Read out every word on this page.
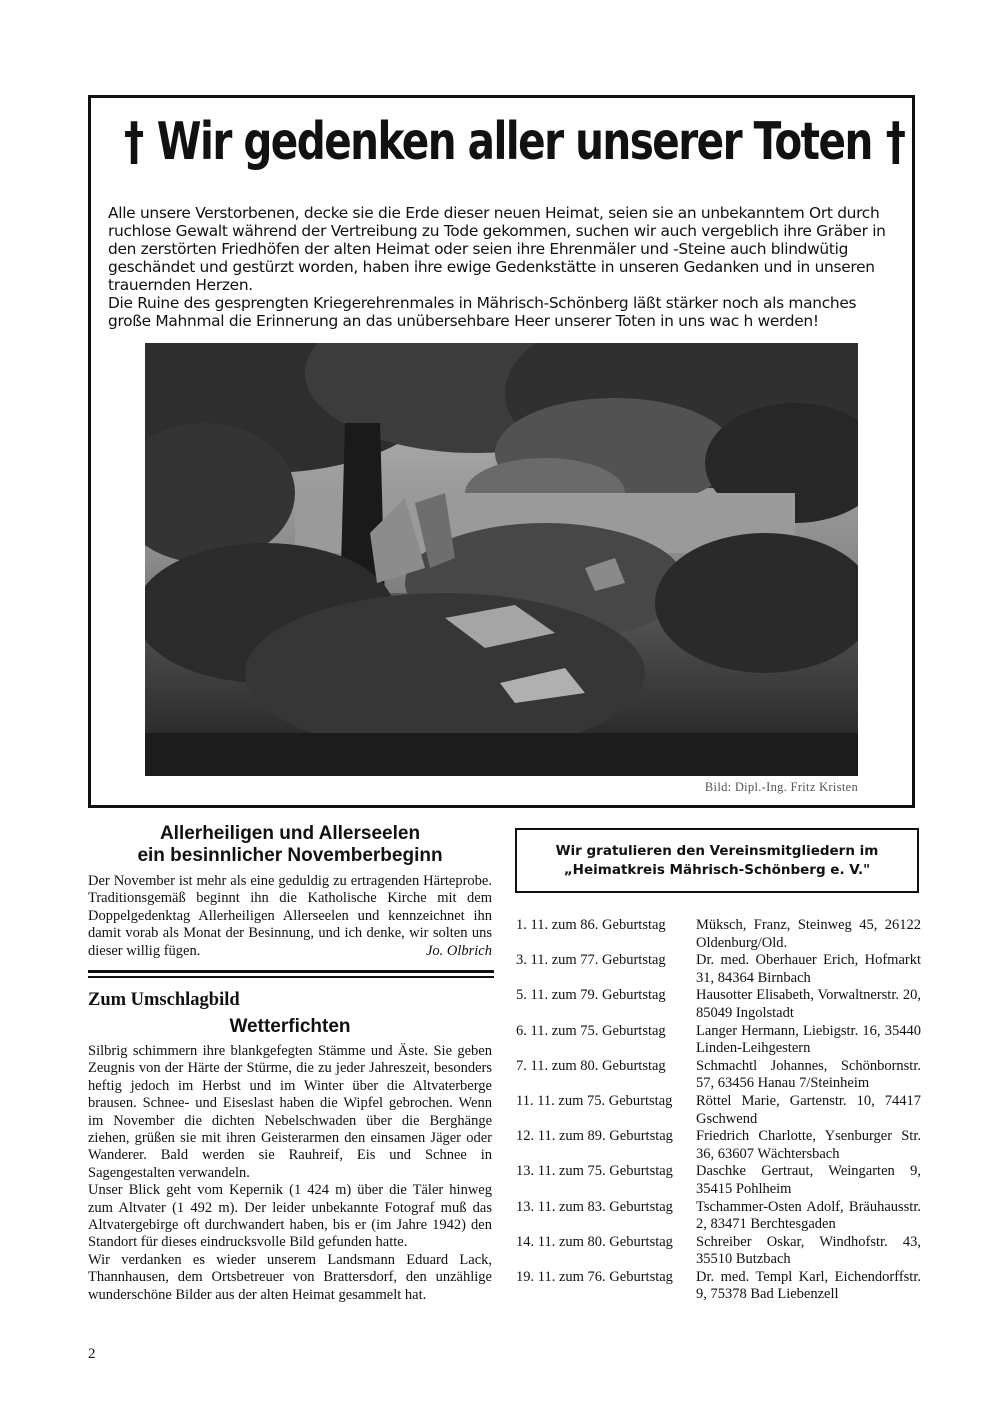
† Wir gedenken aller unserer Toten †

Alle unsere Verstorbenen, decke sie die Erde dieser neuen Heimat, seien sie an unbekanntem Ort durch ruchlose Gewalt während der Vertreibung zu Tode gekommen, suchen wir auch vergeblich ihre Gräber in den zerstörten Friedhöfen der alten Heimat oder seien ihre Ehrenmäler und -Steine auch blindwütig geschändet und gestürzt worden, haben ihre ewige Gedenkstätte in unseren Gedanken und in unseren trauernden Herzen.

Die Ruine des gesprengten Kriegerehrenmales in Mährisch-Schönberg läßt stärker noch als manches große Mahnmal die Erinnerung an das unübersehbare Heer unserer Toten in uns wac h werden!

Bild: Dipl.-Ing. Fritz Kristen
Allerheiligen und Allerseelen
ein besinnlicher Novemberbeginn
Der November ist mehr als eine geduldig zu ertragenden Härteprobe. Traditionsgemäß beginnt ihn die Katholische Kirche mit dem Doppelgedenktag Allerheiligen Allerseelen und kennzeichnet ihn damit vorab als Monat der Besinnung, und ich denke, wir solten uns dieser willig fügen.	Jo. Olbrich
Zum Umschlagbild
Wetterfichten

Silbrig schimmern ihre blankgefegten Stämme und Äste. Sie geben Zeugnis von der Härte der Stürme, die zu jeder Jahreszeit, besonders heftig jedoch im Herbst und im Winter über die Altvaterberge brausen. Schnee- und Eiseslast haben die Wipfel gebrochen. Wenn im November die dichten Nebelschwaden über die Berghänge ziehen, grüßen sie mit ihren Geisterarmen den einsamen Jäger oder Wanderer. Bald werden sie Rauhreif, Eis und Schnee in Sagengestalten verwandeln.

Unser Blick geht vom Kepernik (1 424 m) über die Täler hinweg zum Altvater (1 492 m). Der leider unbekannte Fotograf muß das Altvatergebirge oft durchwandert haben, bis er (im Jahre 1942) den Standort für dieses eindrucksvolle Bild gefunden hatte.

Wir verdanken es wieder unserem Landsmann Eduard Lack, Thannhausen, dem Ortsbetreuer von Brattersdorf, den unzählige wunderschöne Bilder aus der alten Heimat gesammelt hat.

Wir gratulieren den Vereinsmitgliedern im
„Heimatkreis Mährisch-Schönberg e. V."
1. 11. zum 86. Geburtstag	Müksch, Franz, Steinweg 45, 26122 Oldenburg/Old.
3. 11. zum 77. Geburtstag	Dr. med. Oberhauer Erich, Hofmarkt 31, 84364 Birnbach
5. 11. zum 79. Geburtstag	Hausotter Elisabeth, Vorwaltnerstr. 20, 85049 Ingolstadt
6. 11. zum 75. Geburtstag	Langer Hermann, Liebigstr. 16, 35440 Linden-Leihgestern
7. 11. zum 80. Geburtstag	Schmachtl Johannes, Schönbornstr. 57, 63456 Hanau 7/Steinheim
11. 11. zum 75. Geburtstag	Röttel Marie, Gartenstr. 10, 74417 Gschwend
12. 11. zum 89. Geburtstag	Friedrich Charlotte, Ysenburger Str. 36, 63607 Wächtersbach
13. 11. zum 75. Geburtstag	Daschke Gertraut, Weingarten 9, 35415 Pohlheim
13. 11. zum 83. Geburtstag	Tschammer-Osten Adolf, Bräuhausstr. 2, 83471 Berchtesgaden
14. 11. zum 80. Geburtstag	Schreiber Oskar, Windhofstr. 43, 35510 Butzbach
19. 11. zum 76. Geburtstag	Dr. med. Templ Karl, Eichendorffstr. 9, 75378 Bad Liebenzell
2
